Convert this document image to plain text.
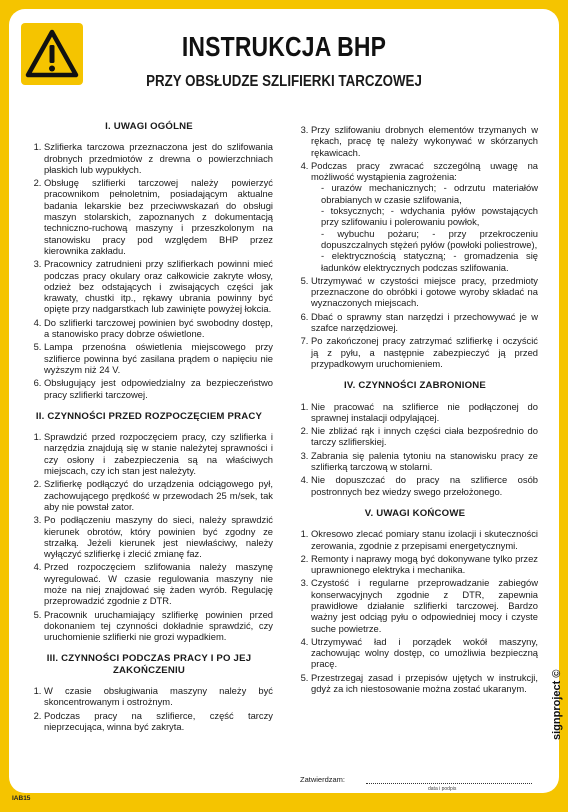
INSTRUKCJA BHP
PRZY OBSŁUDZE SZLIFIERKI TARCZOWEJ
I. UWAGI OGÓLNE
1. Szlifierka tarczowa przeznaczona jest do szlifowania drobnych przedmiotów z drewna o powierzchniach płaskich lub wypukłych.
2. Obsługę szlifierki tarczowej należy powierzyć pracownikom pełnoletnim, posiadającym aktualne badania lekarskie bez przeciwwskazań do obsługi maszyn stolarskich, zapoznanych z dokumentacją techniczno-ruchową maszyny i przeszkolonym na stanowisku pracy pod względem BHP przez kierownika zakładu.
3. Pracownicy zatrudnieni przy szlifierkach powinni mieć podczas pracy okulary oraz całkowicie zakryte włosy, odzież bez odstających i zwisających części jak krawaty, chustki itp., rękawy ubrania powinny być opięte przy nadgarstkach lub zawinięte powyżej łokcia.
4. Do szlifierki tarczowej powinien być swobodny dostęp, a stanowisko pracy dobrze oświetlone.
5. Lampa przenośna oświetlenia miejscowego przy szlifierce powinna być zasilana prądem o napięciu nie wyższym niż 24 V.
6. Obsługujący jest odpowiedzialny za bezpieczeństwo pracy szlifierki tarczowej.
II. CZYNNOŚCI PRZED ROZPOCZĘCIEM PRACY
1. Sprawdzić przed rozpoczęciem pracy, czy szlifierka i narzędzia znajdują się w stanie należytej sprawności i czy osłony i zabezpieczenia są na właściwych miejscach, czy ich stan jest należyty.
2. Szlifierkę podłączyć do urządzenia odciągowego pył, zachowującego prędkość w przewodach 25 m/sek, tak aby nie powstał zator.
3. Po podłączeniu maszyny do sieci, należy sprawdzić kierunek obrotów, który powinien być zgodny ze strzałką. Jeżeli kierunek jest niewłaściwy, należy wyłączyć szlifierkę i zlecić zmianę faz.
4. Przed rozpoczęciem szlifowania należy maszynę wyregulować. W czasie regulowania maszyny nie może na niej znajdować się żaden wyrób. Regulację przeprowadzić zgodnie z DTR.
5. Pracownik uruchamiający szlifierkę powinien przed dokonaniem tej czynności dokładnie sprawdzić, czy uruchomienie szlifierki nie grozi wypadkiem.
III. CZYNNOŚCI PODCZAS PRACY I PO JEJ ZAKOŃCZENIU
1. W czasie obsługiwania maszyny należy być skoncentrowanym i ostrożnym.
2. Podczas pracy na szlifierce, część tarczy nieprzecująca, winna być zakryta.
3. Przy szlifowaniu drobnych elementów trzymanych w rękach, pracę tę należy wykonywać w skórzanych rękawicach.
4. Podczas pracy zwracać szczególną uwagę na możliwość wystąpienia zagrożenia:
- urazów mechanicznych; - odrzutu materiałów obrabianych w czasie szlifowania,
- toksycznych; - wdychania pyłów powstających przy szlifowaniu i polerowaniu powłok,
- wybuchu pożaru; - przy przekroczeniu dopuszczalnych stężeń pyłów (powłoki poliestrowe),
- elektrycznością statyczną; - gromadzenia się ładunków elektrycznych podczas szlifowania.
5. Utrzymywać w czystości miejsce pracy, przedmioty przeznaczone do obróbki i gotowe wyroby składać na wyznaczonych miejscach.
6. Dbać o sprawny stan narzędzi i przechowywać je w szafce narzędziowej.
7. Po zakończonej pracy zatrzymać szlifierkę i oczyścić ją z pyłu, a następnie zabezpieczyć ją przed przypadkowym uruchomieniem.
IV. CZYNNOŚCI ZABRONIONE
1. Nie pracować na szlifierce nie podłączonej do sprawnej instalacji odpylającej.
2. Nie zbliżać rąk i innych części ciała bezpośrednio do tarczy szlifierskiej.
3. Zabrania się palenia tytoniu na stanowisku pracy ze szlifierką tarczową w stolarni.
4. Nie dopuszczać do pracy na szlifierce osób postronnych bez wiedzy swego przełożonego.
V. UWAGI KOŃCOWE
1. Okresowo zlecać pomiary stanu izolacji i skuteczności zerowania, zgodnie z przepisami energetycznymi.
2. Remonty i naprawy mogą być dokonywane tylko przez uprawnionego elektryka i mechanika.
3. Czystość i regularne przeprowadzanie zabiegów konserwacyjnych zgodnie z DTR, zapewnia prawidłowe działanie szlifierki tarczowej. Bardzo ważny jest odciąg pyłu o odpowiedniej mocy i czyste suche powietrze.
4. Utrzymywać ład i porządek wokół maszyny, zachowując wolny dostęp, co umożliwia bezpieczną pracę.
5. Przestrzegaj zasad i przepisów ujętych w instrukcji, gdyż za ich niestosowanie można zostać ukaranym.
Zatwierdzam:
data i podpis
signproject ©
IAB15
